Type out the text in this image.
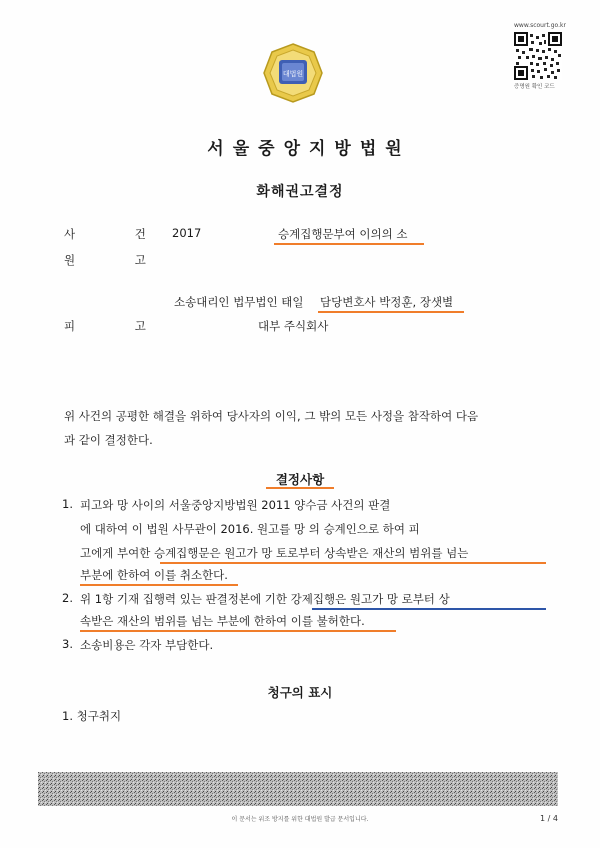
대법원
www.scourt.go.kr
증명원 확인 코드
서울중앙지방법원
화해권고결정
사 건
2017	승계집행문부여 이의의 소
원 고
소송대리인 법무법인 태일 담당변호사 박정훈, 장샛별
피 고	대부 주식회사
위 사건의 공평한 해결을 위하여 당사자의 이익, 그 밖의 모든 사정을 참작하여 다음
과 같이 결정한다.
결정사항
1. 피고와 망 사이의 서울중앙지방법원 2011 양수금 사건의 판결
에 대하여 이 법원 사무관이 2016. 원고를 망 의 승계인으로 하여 피
고에게 부여한 승계집행문은 원고가 망 토로부터 상속받은 재산의 범위를 넘는
부분에 한하여 이를 취소한다.
2. 위 1항 기재 집행력 있는 판결정본에 기한 강제집행은 원고가 망 로부터 상
속받은 재산의 범위를 넘는 부분에 한하여 이를 불허한다.
3. 소송비용은 각자 부담한다.
청구의 표시
1. 청구취지
이 문서는 위조 방지를 위한 대법원 발급 문서입니다.	1 / 4
